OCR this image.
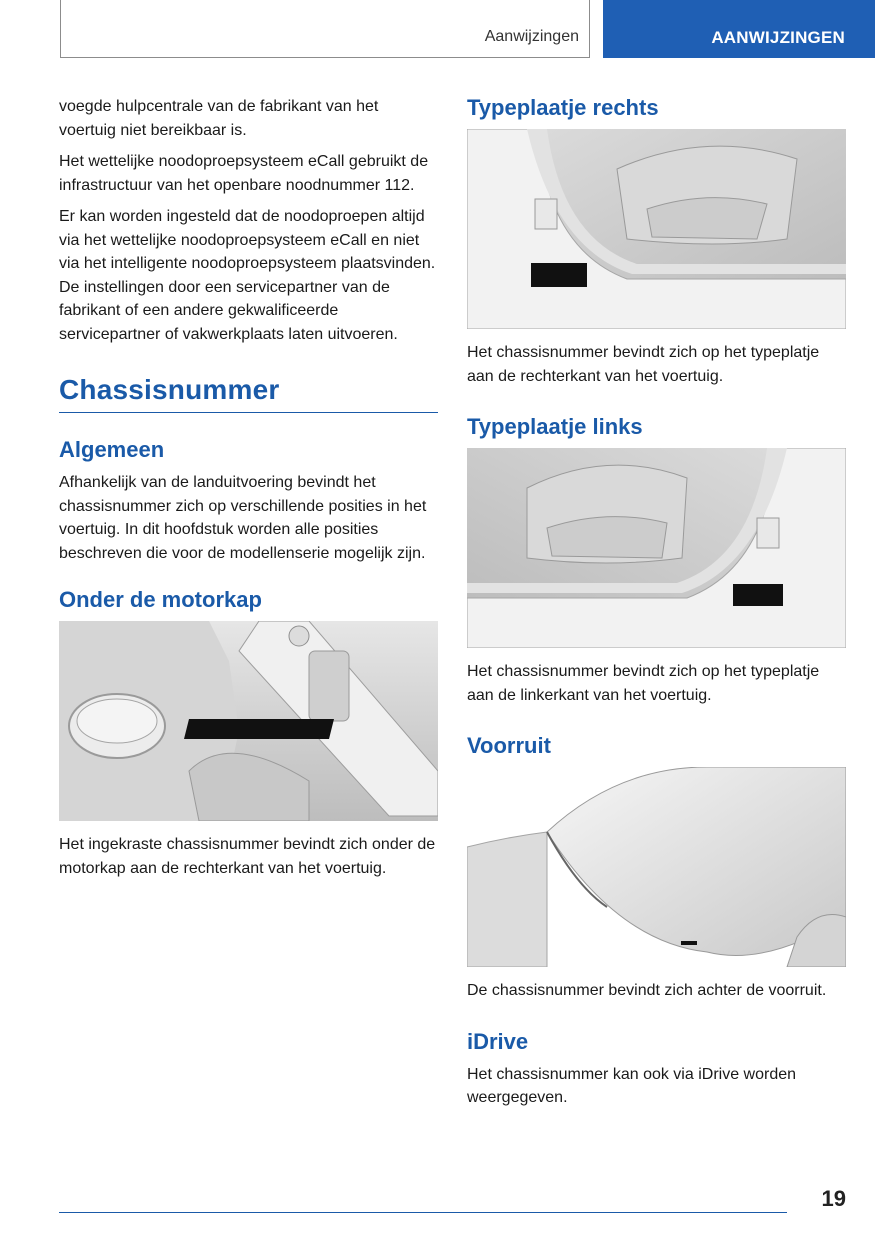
Aanwijzingen	AANWIJZINGEN

voegde hulpcentrale van de fabrikant van het voertuig niet bereikbaar is.

Het wettelijke noodoproepsysteem eCall gebruikt de infrastructuur van het openbare noodnummer 112.

Er kan worden ingesteld dat de noodoproepen altijd via het wettelijke noodoproepsysteem eCall en niet via het intelligente noodoproepsysteem plaatsvinden. De instellingen door een servicepartner van de fabrikant of een andere gekwalificeerde servicepartner of vakwerkplaats laten uitvoeren.

Chassisnummer
Algemeen

Afhankelijk van de landuitvoering bevindt het chassisnummer zich op verschillende posities in het voertuig. In dit hoofdstuk worden alle posities beschreven die voor de modellenserie mogelijk zijn.

Onder de motorkap

Het ingekraste chassisnummer bevindt zich onder de motorkap aan de rechterkant van het voertuig.

Typeplaatje rechts

Het chassisnummer bevindt zich op het typeplatje aan de rechterkant van het voertuig.

Typeplaatje links

Het chassisnummer bevindt zich op het typeplatje aan de linkerkant van het voertuig.

Voorruit

De chassisnummer bevindt zich achter de voorruit.

iDrive

Het chassisnummer kan ook via iDrive worden weergegeven.

19
